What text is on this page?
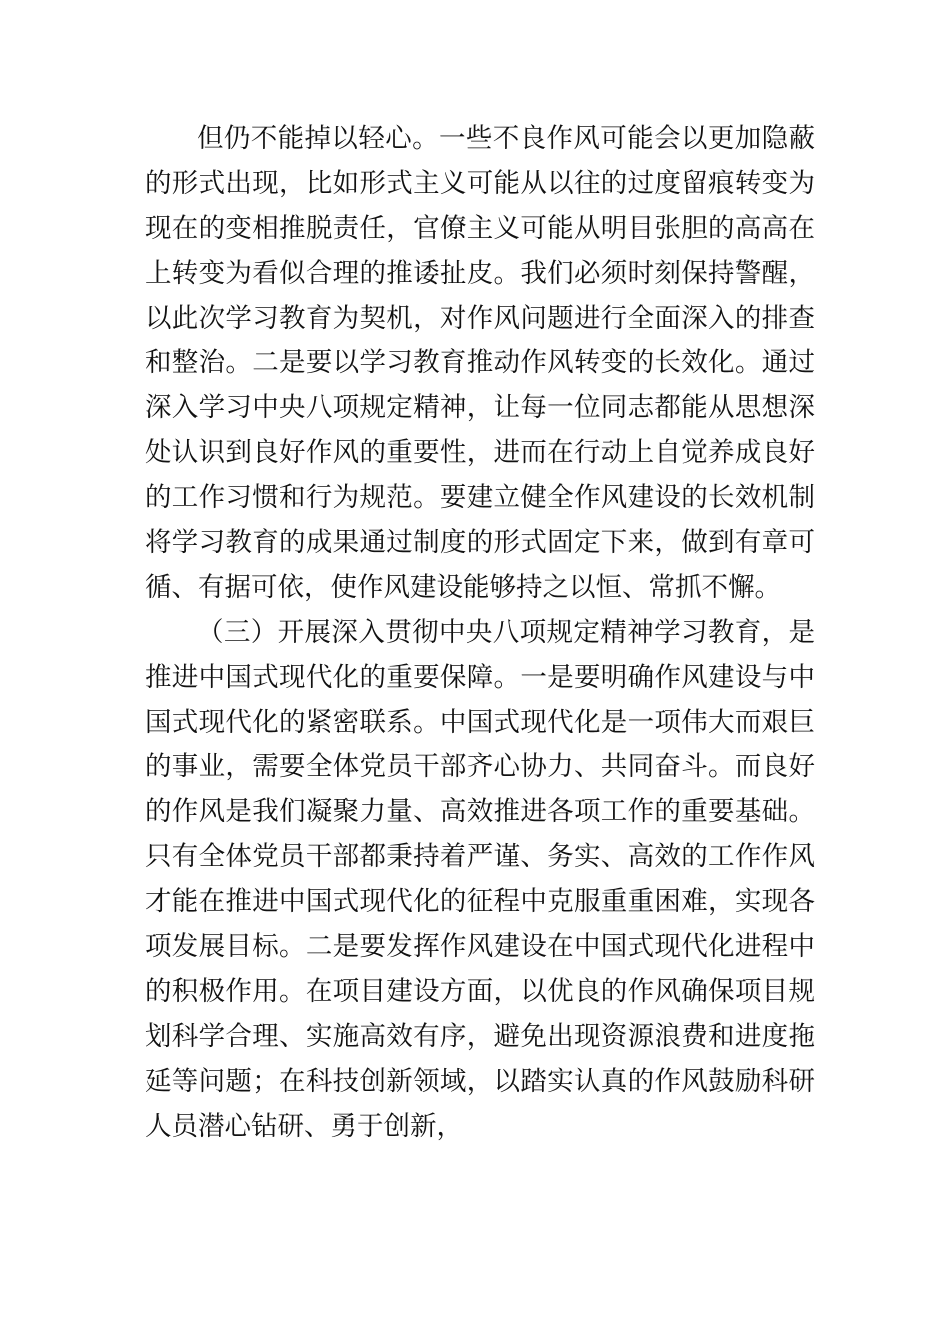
但仍不能掉以轻心。一些不良作风可能会以更加隐蔽
的形式出现，比如形式主义可能从以往的过度留痕转变为
现在的变相推脱责任，官僚主义可能从明目张胆的高高在
上转变为看似合理的推诿扯皮。我们必须时刻保持警醒，
以此次学习教育为契机，对作风问题进行全面深入的排查
和整治。二是要以学习教育推动作风转变的长效化。通过
深入学习中央八项规定精神，让每一位同志都能从思想深
处认识到良好作风的重要性，进而在行动上自觉养成良好
的工作习惯和行为规范。要建立健全作风建设的长效机制
将学习教育的成果通过制度的形式固定下来，做到有章可
循、有据可依，使作风建设能够持之以恒、常抓不懈。
（三）开展深入贯彻中央八项规定精神学习教育，是
推进中国式现代化的重要保障。一是要明确作风建设与中
国式现代化的紧密联系。中国式现代化是一项伟大而艰巨
的事业，需要全体党员干部齐心协力、共同奋斗。而良好
的作风是我们凝聚力量、高效推进各项工作的重要基础。
只有全体党员干部都秉持着严谨、务实、高效的工作作风
才能在推进中国式现代化的征程中克服重重困难，实现各
项发展目标。二是要发挥作风建设在中国式现代化进程中
的积极作用。在项目建设方面，以优良的作风确保项目规
划科学合理、实施高效有序，避免出现资源浪费和进度拖
延等问题；在科技创新领域，以踏实认真的作风鼓励科研
人员潜心钻研、勇于创新，
